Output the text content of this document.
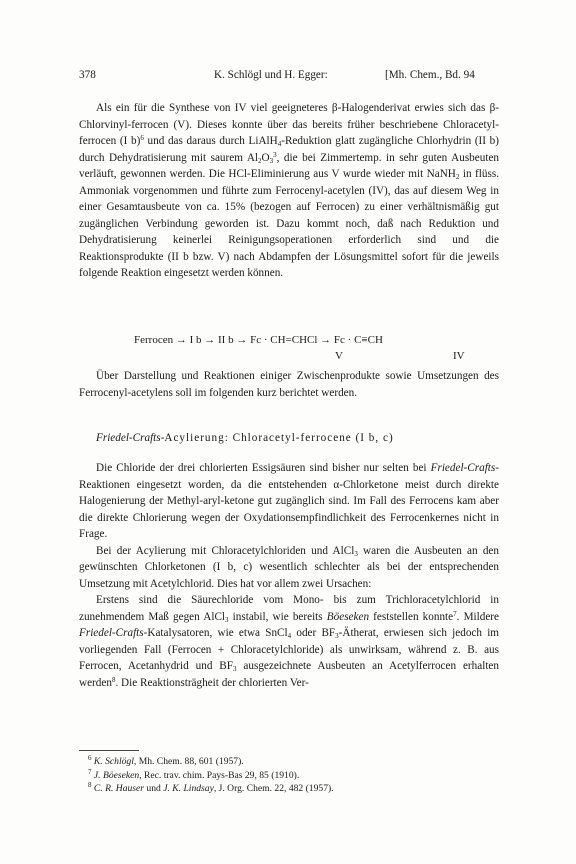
378	K. Schlögl und H. Egger:	[Mh. Chem., Bd. 94

Als ein für die Synthese von IV viel geeigneteres β-Halogenderivat erwies sich das β-Chlorvinyl-ferrocen (V). Dieses konnte über das bereits früher beschriebene Chloracetyl-ferrocen (I b)$^6$ und das daraus durch LiAlH$_4$-Reduktion glatt zugängliche Chlorhydrin (II b) durch Dehydratisierung mit saurem $Al_2O_3^3$, die bei Zimmertemp. in sehr guten Ausbeuten verläuft, gewonnen werden. Die HCl-Eliminierung aus V wurde wieder mit NaNH$_2$ in flüss. Ammoniak vorgenommen und führte zum Ferrocenyl-acetylen (IV), das auf diesem Weg in einer Gesamtausbeute von ca. 15% (bezogen auf Ferrocen) zu einer verhältnismäßig gut zugänglichen Verbindung geworden ist. Dazu kommt noch, daß nach Reduktion und Dehydratisierung keinerlei Reinigungsoperationen erforderlich sind und die Reaktionsprodukte (II b bzw. V) nach Abdampfen der Lösungsmittel sofort für die jeweils folgende Reaktion eingesetzt werden können.

Ferrocen → I b → II b → Fc · CH=CHCl → Fc · C≡CH
V	IV

Über Darstellung und Reaktionen einiger Zwischenprodukte sowie Umsetzungen des Ferrocenyl-acetylens soll im folgenden kurz berichtet werden.

Friedel-Crafts-Acylierung: Chloracetyl-ferrocene (I b, c)

Die Chloride der drei chlorierten Essigsäuren sind bisher nur selten bei Friedel-Crafts-Reaktionen eingesetzt worden, da die entstehenden α-Chlorketone meist durch direkte Halogenierung der Methyl-aryl-ketone gut zugänglich sind. Im Fall des Ferrocens kam aber die direkte Chlorierung wegen der Oxydationsempfindlichkeit des Ferrocenkernes nicht in Frage.

Bei der Acylierung mit Chloracetylchloriden und AlCl$_3$ waren die Ausbeuten an den gewünschten Chlorketonen (I b, c) wesentlich schlechter als bei der entsprechenden Umsetzung mit Acetylchlorid. Dies hat vor allem zwei Ursachen:

Erstens sind die Säurechloride vom Mono- bis zum Trichloracetylchlorid in zunehmendem Maß gegen AlCl$_3$ instabil, wie bereits Böeseken feststellen konnte$^7$. Mildere Friedel-Crafts-Katalysatoren, wie etwa SnCl$_4$ oder $BF_3$-Ätherat, erwiesen sich jedoch im vorliegenden Fall (Ferrocen + Chloracetylchloride) als unwirksam, während z. B. aus Ferrocen, Acetanhydrid und $BF_3$ ausgezeichnete Ausbeuten an Acetylferrocen erhalten werden$^8$. Die Reaktionsträgheit der chlorierten Ver-

$^6$ K. Schlögl, Mh. Chem. 88, 601 (1957).
$^7$ J. Böeseken, Rec. trav. chim. Pays-Bas 29, 85 (1910).
$^8$ C. R. Hauser und J. K. Lindsay, J. Org. Chem. 22, 482 (1957).
